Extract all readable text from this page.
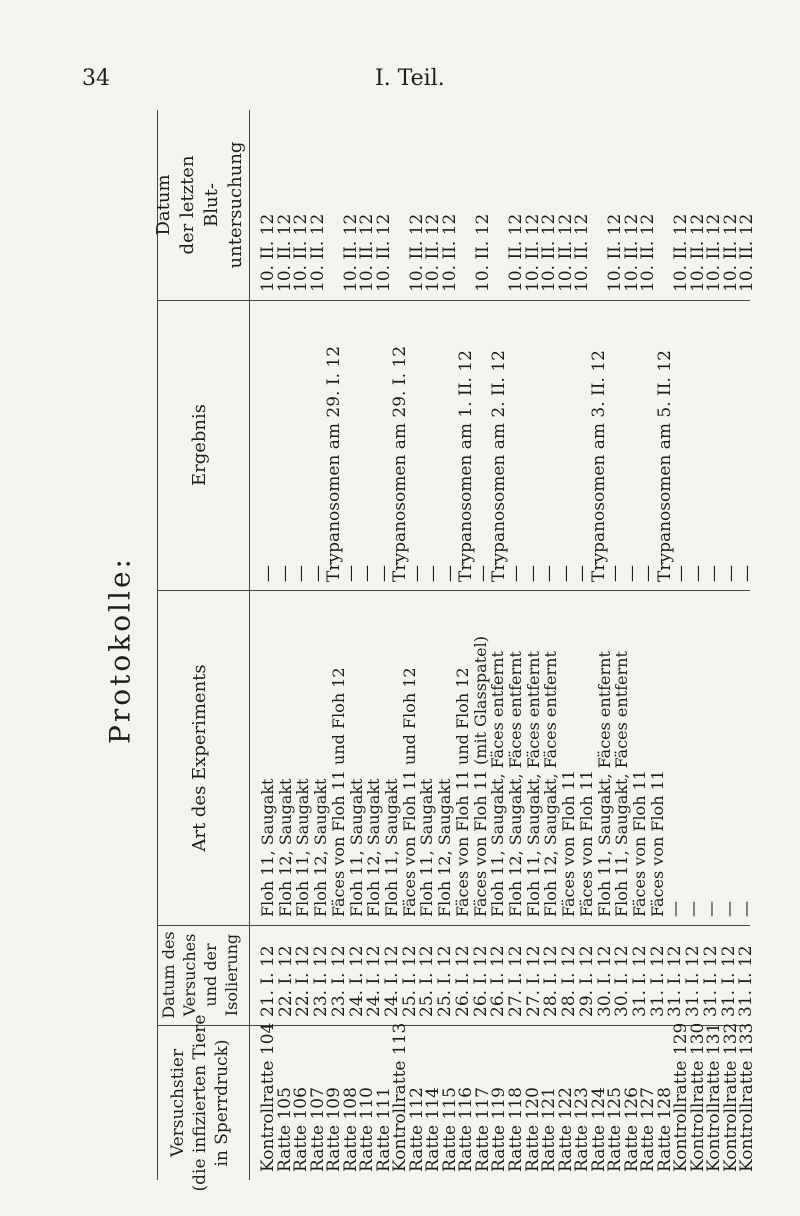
34	I. Teil.
Protokolle:
Datum der letzten Blut- untersuchung 10. II. 12
10. II. 12
10. II. 12
10. II. 12 10. II. 12
10. II. 12
10. II. 12 10. II. 12
10. II. 12
10. II. 12 10. II. 12 10. II. 12
10. II. 12
10. II. 12
10. II. 12
10. II. 12 10. II. 12
10. II. 12
10. II. 12 10. II. 12
10. II. 12
10. II. 12
10. II. 12
10. II. 12
Ergebnis
—
—
—
—
Trypanosomen am 29. I. 12
—
—
—
Trypanosomen am 29. I. 12
—
—
—
Trypanosomen am 1. II. 12
—
Trypanosomen am 2. II. 12
—
—
—
—
—
Trypanosomen am 3. II. 12
—
—
—
Trypanosomen am 5. II. 12
—
—
—
—
—
Art des Experiments	Floh 11, Saugakt
Floh 12, Saugakt
Floh 11, Saugakt
Floh 12, Saugakt
Fäces von Floh 11 und Floh 12
Floh 11, Saugakt
Floh 12, Saugakt
Floh 11, Saugakt
Fäces von Floh 11 und Floh 12
Floh 11, Saugakt
Floh 12, Saugakt
Fäces von Floh 11 und Floh 12
Fäces von Floh 11 (mit Glasspatel)
Floh 11, Saugakt, Fäces entfernt
Floh 12, Saugakt, Fäces entfernt
Floh 11, Saugakt, Fäces entfernt
Floh 12, Saugakt, Fäces entfernt
Fäces von Floh 11
Fäces von Floh 11
Floh 11, Saugakt, Fäces entfernt
Floh 11, Saugakt, Fäces entfernt
Fäces von Floh 11
Fäces von Floh 11
—
—
—
—
—
Datum des Versuches und der Isolierung 21. I. 12
22. I. 12
22. I. 12
23. I. 12
23. I. 12
24. I. 12
24. I. 12
24. I. 12
25. I. 12
25. I. 12
25. I. 12
26. I. 12
26. I. 12
26. I. 12
27. I. 12
27. I. 12
28. I. 12
28. I. 12
29. I. 12
30. I. 12
30. I. 12
31. I. 12
31. I. 12
31. I. 12
31. I. 12
31. I. 12
31. I. 12
31. I. 12
Versuchstier (die infizierten Tiere in Sperrdruck) Kontrollratte 104
Ratte 105
Ratte 106
Ratte 107
Ratte 109
Ratte 108
Ratte 110
Ratte 111
Kontrollratte 113
Ratte 112
Ratte 114
Ratte 115
Ratte 116
Ratte 117
Ratte 119
Ratte 118
Ratte 120
Ratte 121
Ratte 122
Ratte 123
Ratte 124
Ratte 125
Ratte 126
Ratte 127
Ratte 128
Kontrollratte 129
Kontrollratte 130
Kontrollratte 131
Kontrollratte 132
Kontrollratte 133
